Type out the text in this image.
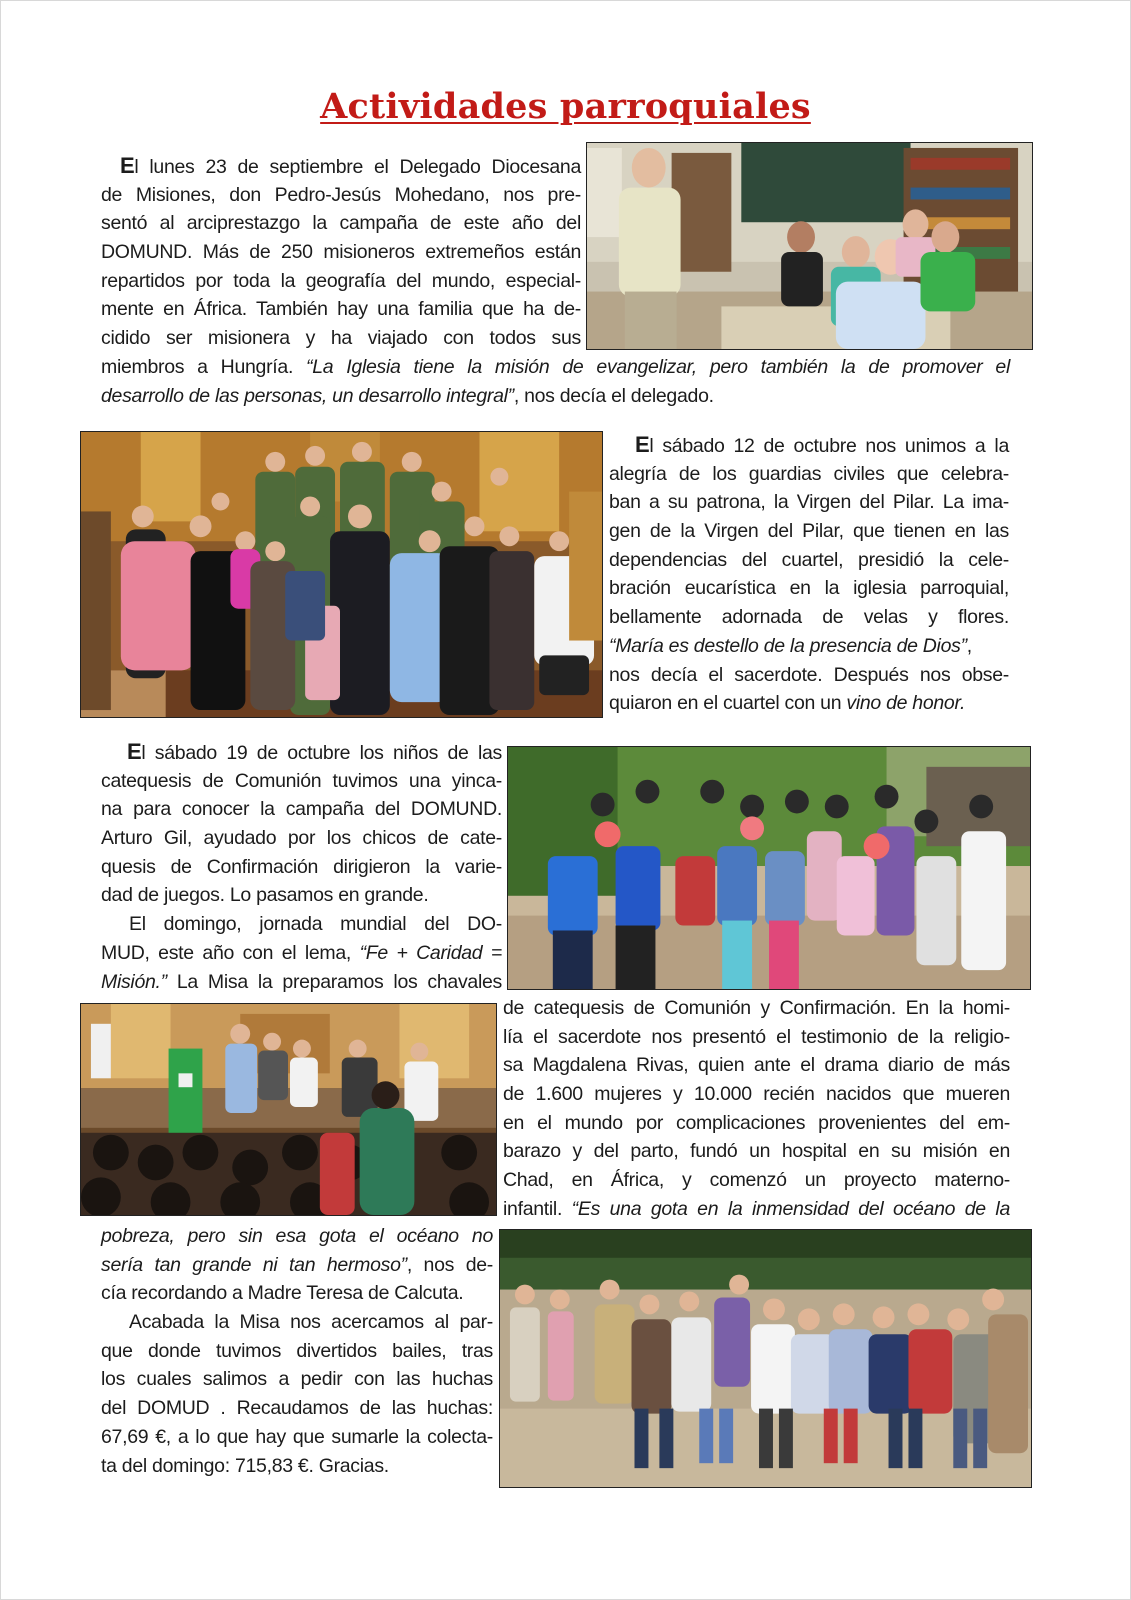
Actividades parroquiales
El lunes 23 de septiembre el Delegado Diocesana
de Misiones, don Pedro-Jesús Mohedano, nos pre-
sentó al arciprestazgo la campaña de este año del
DOMUND. Más de 250 misioneros extremeños están
repartidos por toda la geografía del mundo, especial-
mente en África. También hay una familia que ha de-
cidido ser misionera y ha viajado con todos sus
miembros a Hungría. “La Iglesia tiene la misión de evangelizar, pero también la de promover el
desarrollo de las personas, un desarrollo integral”, nos decía el delegado.
El sábado 12 de octubre nos unimos a la
alegría de los guardias civiles que celebra-
ban a su patrona, la Virgen del Pilar. La ima-
gen de la Virgen del Pilar, que tienen en las
dependencias del cuartel, presidió la cele-
bración eucarística en la iglesia parroquial,
bellamente adornada de velas y flores.
“María es destello de la presencia de Dios”,
nos decía el sacerdote. Después nos obse-
quiaron en el cuartel con un vino de honor.
El sábado 19 de octubre los niños de las
catequesis de Comunión tuvimos una yinca-
na para conocer la campaña del DOMUND.
Arturo Gil, ayudado por los chicos de cate-
quesis de Confirmación dirigieron la varie-
dad de juegos. Lo pasamos en grande.
El domingo, jornada mundial del DO-
MUD, este año con el lema, “Fe + Caridad =
Misión.” La Misa la preparamos los chavales
de catequesis de Comunión y Confirmación. En la homi-
lía el sacerdote nos presentó el testimonio de la religio-
sa Magdalena Rivas, quien ante el drama diario de más
de 1.600 mujeres y 10.000 recién nacidos que mueren
en el mundo por complicaciones provenientes del em-
barazo y del parto, fundó un hospital en su misión en
Chad, en África, y comenzó un proyecto materno-
infantil. “Es una gota en la inmensidad del océano de la
pobreza, pero sin esa gota el océano no
sería tan grande ni tan hermoso”, nos de-
cía recordando a Madre Teresa de Calcuta.
Acabada la Misa nos acercamos al par-
que donde tuvimos divertidos bailes, tras
los cuales salimos a pedir con las huchas
del DOMUD . Recaudamos de las huchas:
67,69 €, a lo que hay que sumarle la colecta-
ta del domingo: 715,83 €. Gracias.
